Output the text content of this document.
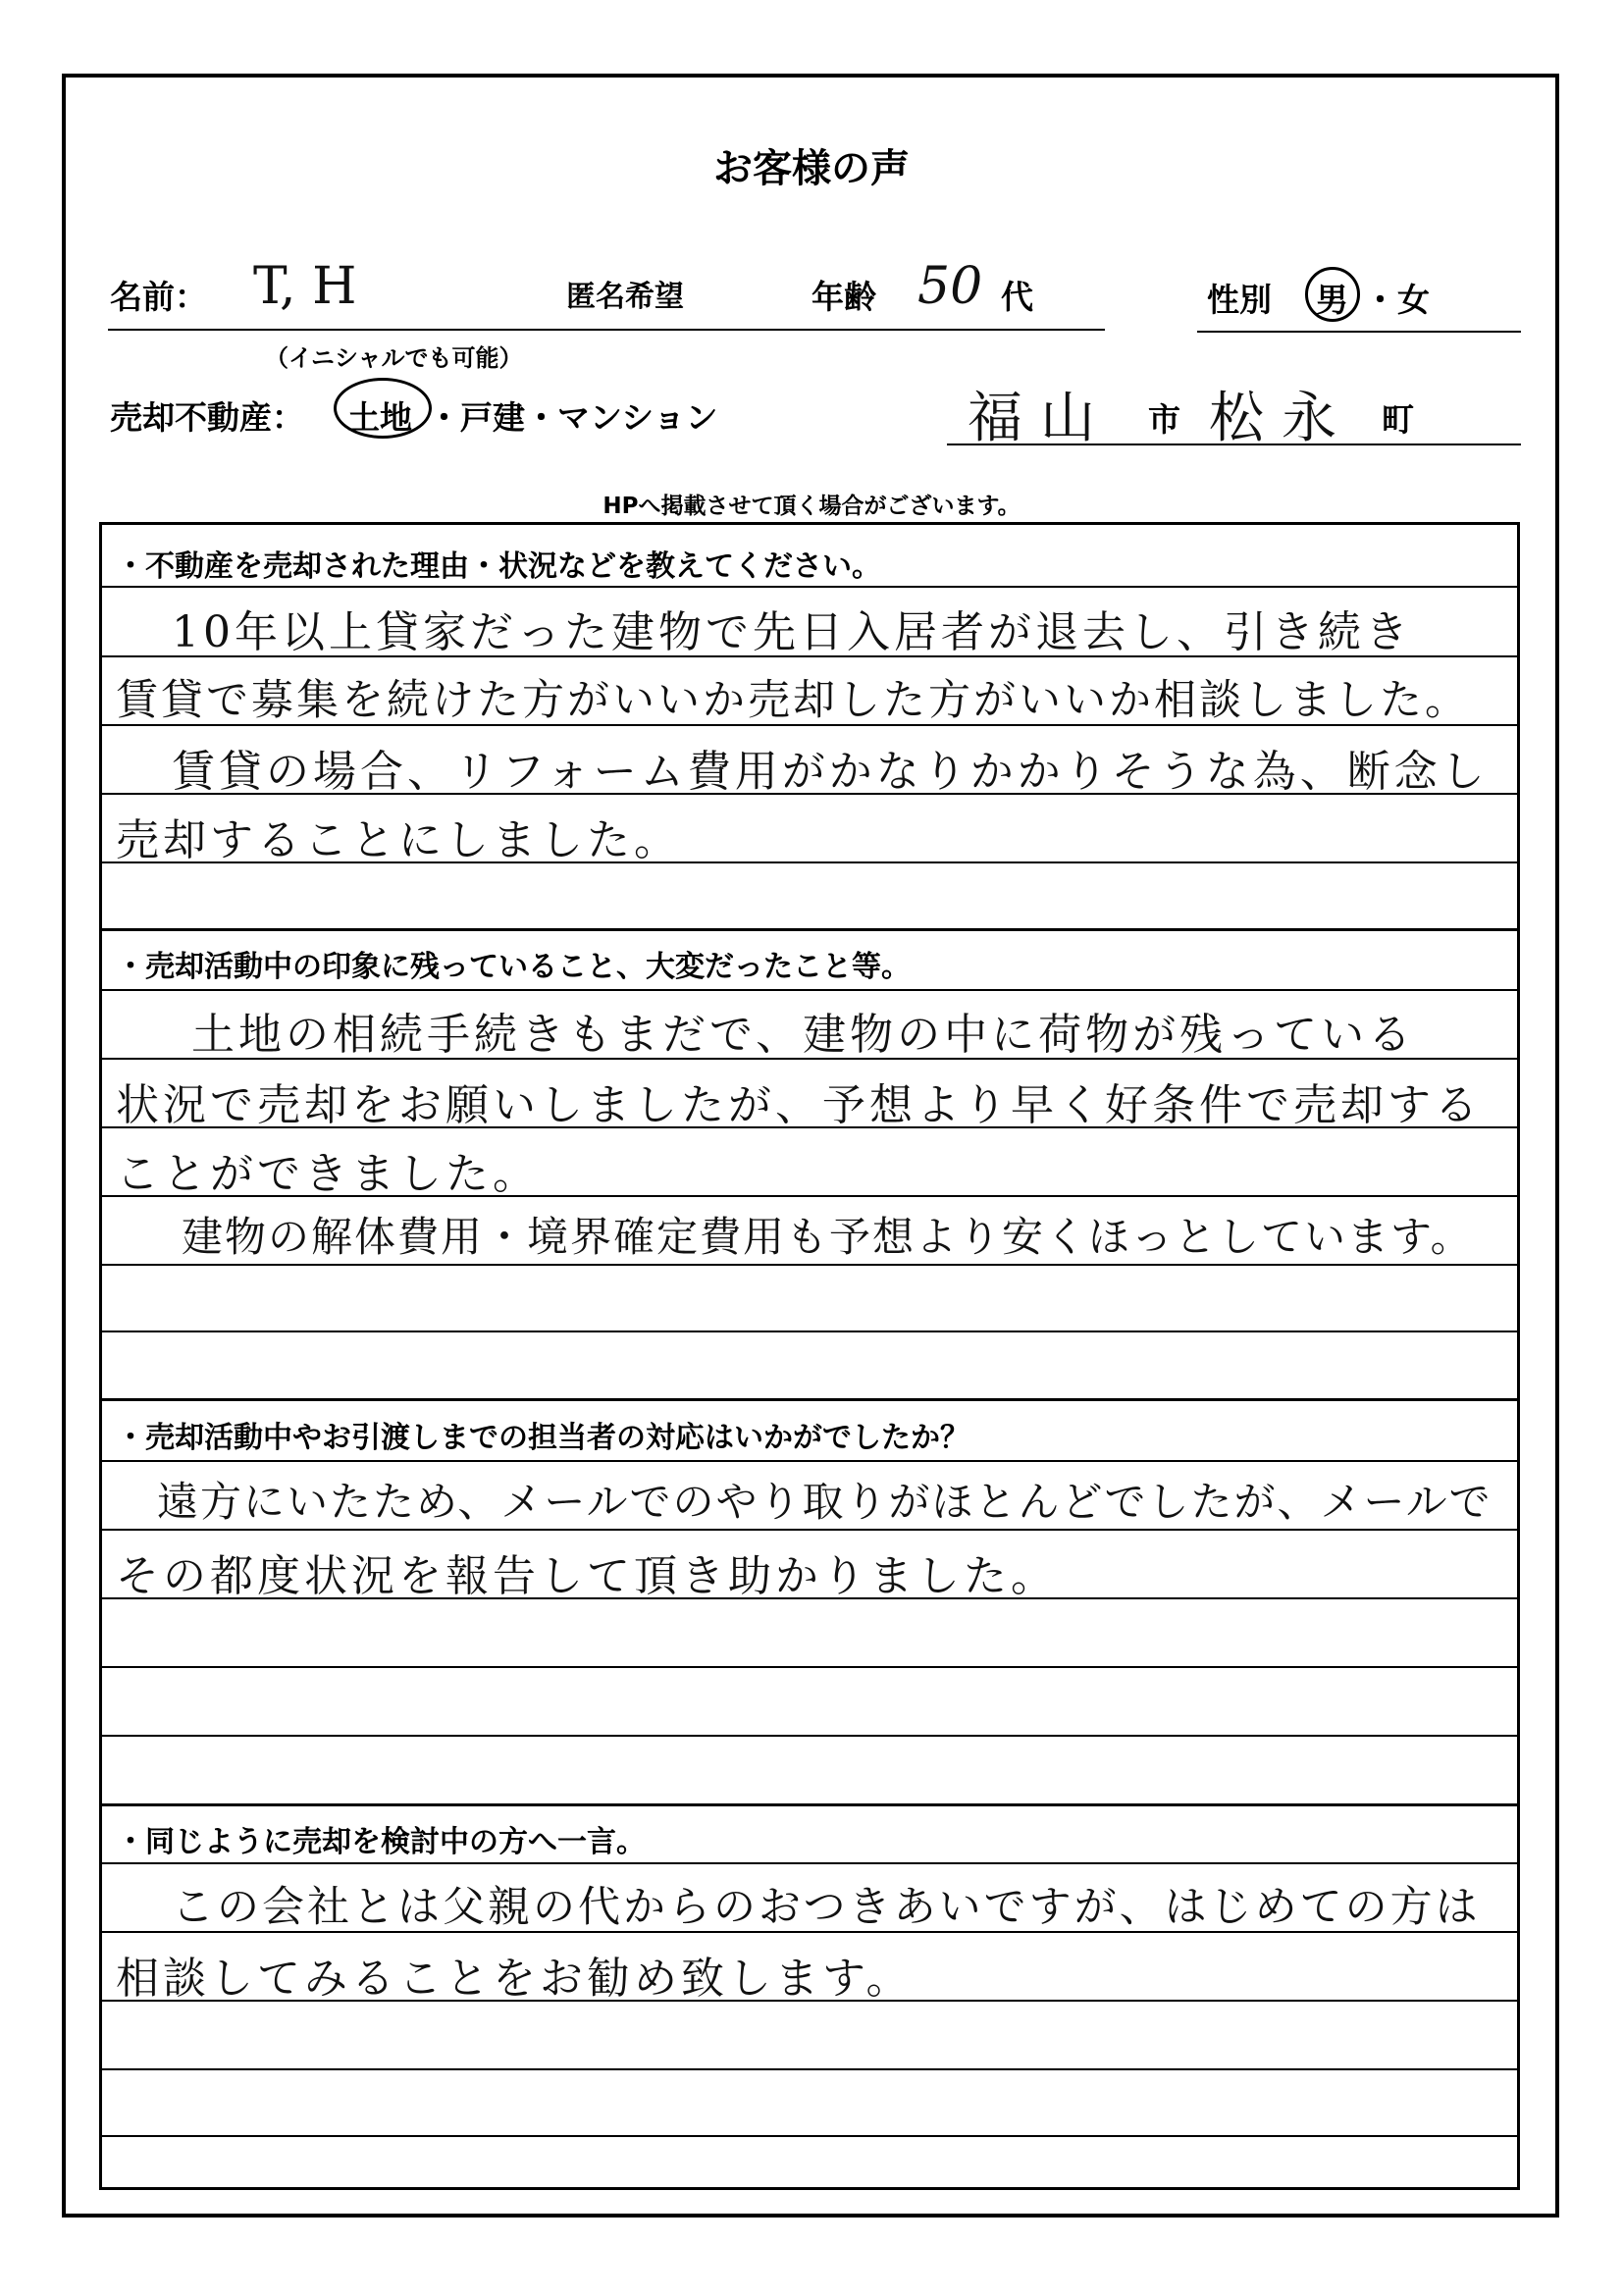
お客様の声
名前： T, H	匿名希望	年齢 50 代	性別 男 ・ 女
（イニシャルでも可能）
売却不動産： 土地 ・戸建・マンション	福山 市 松永 町
HPへ掲載させて頂く場合がございます。
・不動産を売却された理由・状況などを教えてください。
10年以上貸家だった建物で先日入居者が退去し、引き続き
賃貸で募集を続けた方がいいか売却した方がいいか相談しました。
賃貸の場合、リフォーム費用がかなりかかりそうな為、断念し
売却することにしました。
・売却活動中の印象に残っていること、大変だったこと等。
土地の相続手続きもまだで、建物の中に荷物が残っている
状況で売却をお願いしましたが、予想より早く好条件で売却する
ことができました。
建物の解体費用・境界確定費用も予想より安くほっとしています。
・売却活動中やお引渡しまでの担当者の対応はいかがでしたか？
遠方にいたため、メールでのやり取りがほとんどでしたが、メールで
その都度状況を報告して頂き助かりました。
・同じように売却を検討中の方へ一言。
この会社とは父親の代からのおつきあいですが、はじめての方は
相談してみることをお勧め致します。
